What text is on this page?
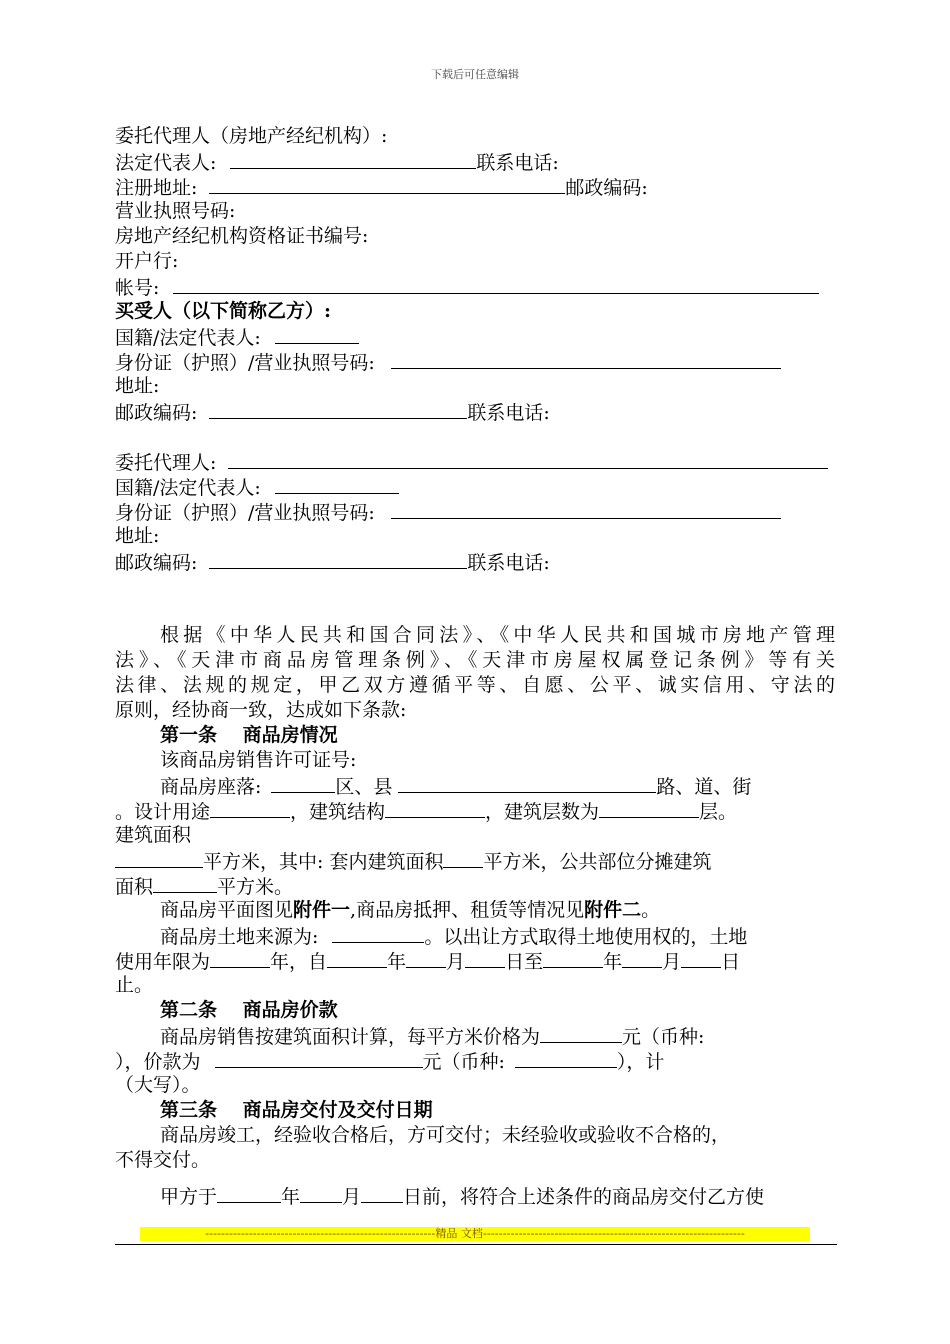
下载后可任意编辑
委托代理人（房地产经纪机构）:
法定代表人:	联系电话:
注册地址:	邮政编码:
营业执照号码:
房地产经纪机构资格证书编号:
开户行:
帐号:
买受人（以下简称乙方）:
国籍/法定代表人:
身份证（护照）/营业执照号码:
地址:
邮政编码:	联系电话:
委托代理人:
国籍/法定代表人:
身份证（护照）/营业执照号码:
地址:
邮政编码:	联系电话:
根据《中华人民共和国合同法》、《中华人民共和国城市房地产管理
法》、《天津市商品房管理条例》、《天津市房屋权属登记条例》等有关
法律、法规的规定，甲乙双方遵循平等、自愿、公平、诚实信用、守法的
原则，经协商一致，达成如下条款:
第一条　 商品房情况
该商品房销售许可证号:
商品房座落:	区、县	路、道、街
。设计用途	，建筑结构	，建筑层数为	层。
建筑面积
平方米，其中: 套内建筑面积 平方米，公共部位分摊建筑
面积	平方米。
商品房平面图见附件一,商品房抵押、租赁等情况见附件二。
商品房土地来源为:	。以出让方式取得土地使用权的，土地
使用年限为	年，自	年 月 日至	年 月 日
止。
第二条　 商品房价款
商品房销售按建筑面积计算，每平方米价格为	元（币种:
），价款为	元（币种:	），计
（大写）。
第三条　 商品房交付及交付日期
商品房竣工，经验收合格后，方可交付；未经验收或验收不合格的，
不得交付。
甲方于	年 月 日前，将符合上述条件的商品房交付乙方使
----------------------------------------------------------精品 文档------------------------------------------------------------------
